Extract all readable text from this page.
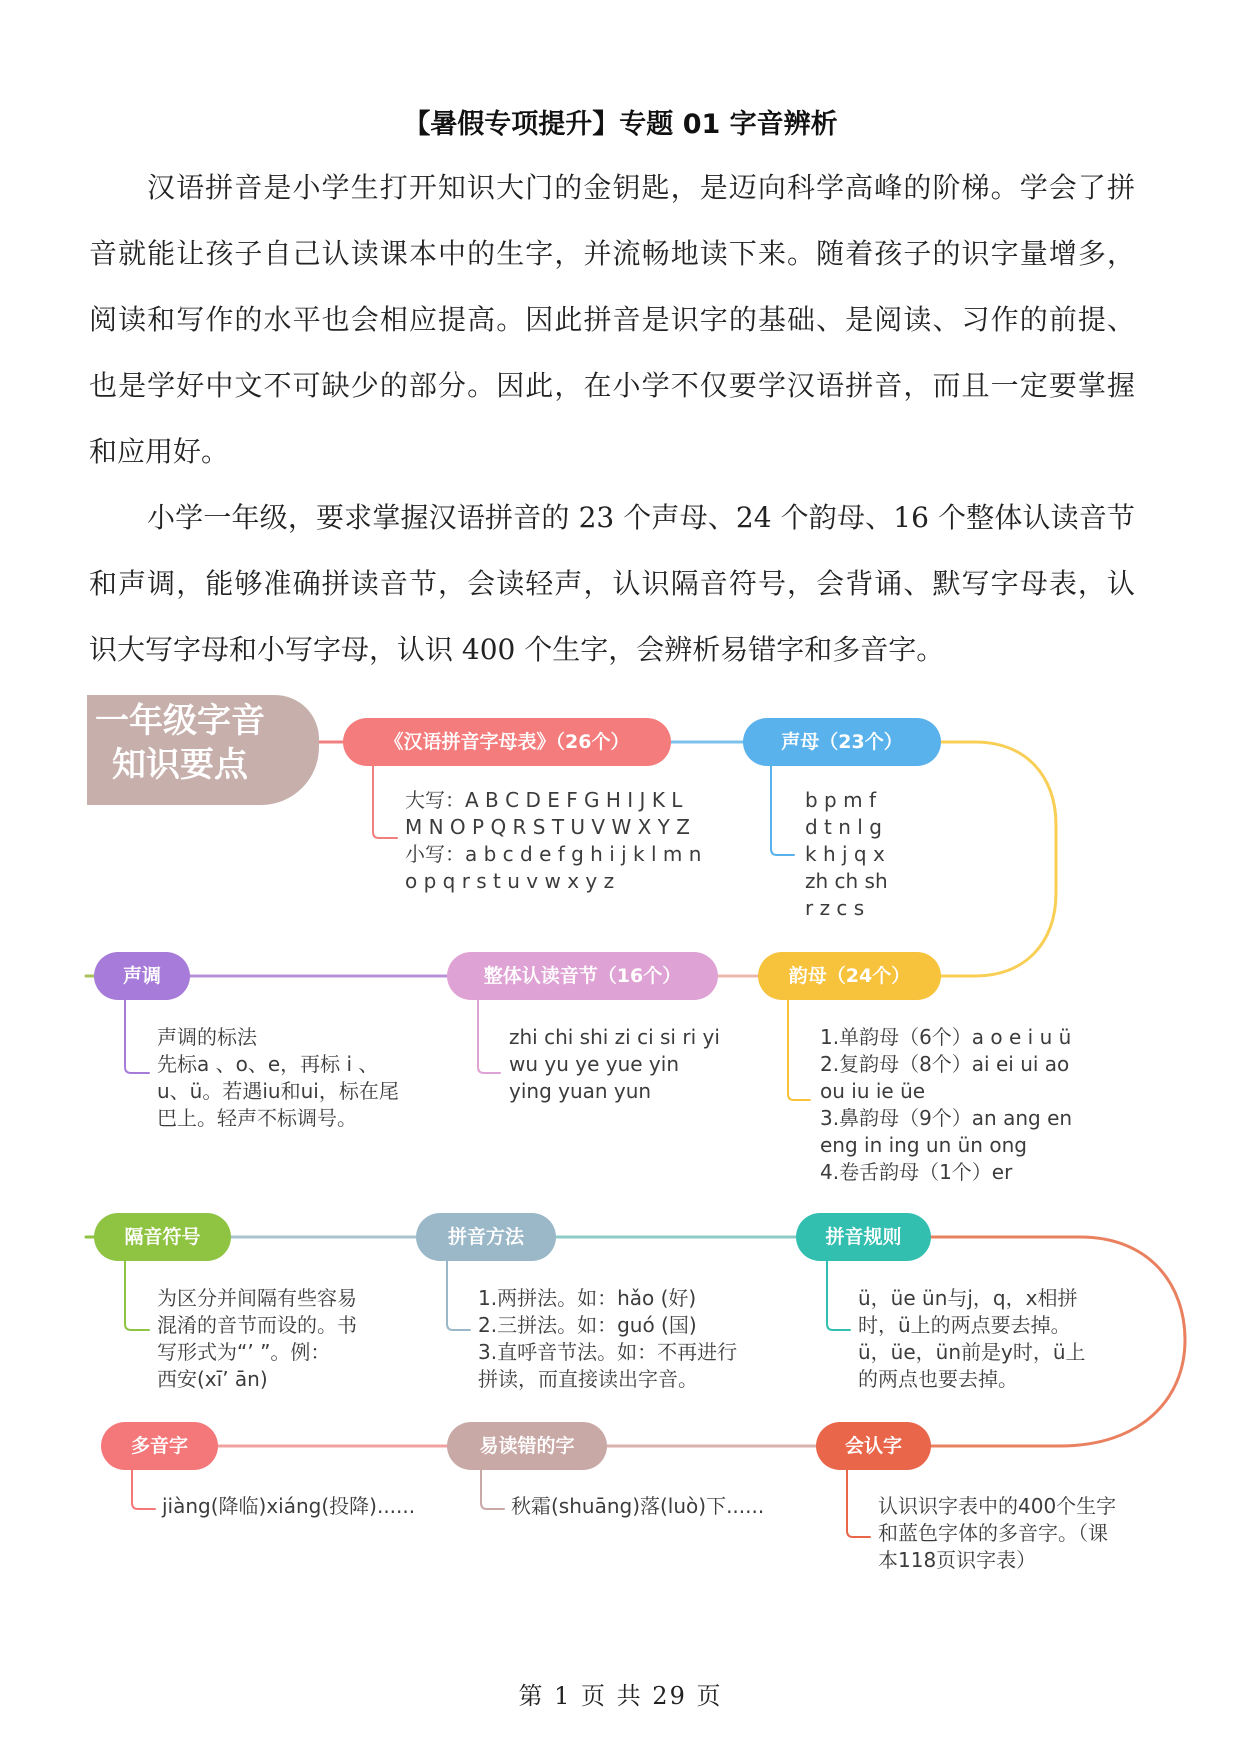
【暑假专项提升】专题 01 字音辨析
汉语拼音是小学生打开知识大门的金钥匙，是迈向科学高峰的阶梯。学会了拼
音就能让孩子自己认读课本中的生字，并流畅地读下来。随着孩子的识字量增多，
阅读和写作的水平也会相应提高。因此拼音是识字的基础、是阅读、习作的前提、
也是学好中文不可缺少的部分。因此，在小学不仅要学汉语拼音，而且一定要掌握
和应用好。
小学一年级，要求掌握汉语拼音的 23 个声母、24 个韵母、16 个整体认读音节
和声调，能够准确拼读音节，会读轻声，认识隔音符号，会背诵、默写字母表，认
识大写字母和小写字母，认识 400 个生字，会辨析易错字和多音字。
一年级字音
知识要点
《汉语拼音字母表》（26个）
大写：A B C D E F G H I J K L
M N O P Q R S T U V W X Y Z
小写：a b c d e f g h i j k l m n
o p q r s t u v w x y z
声母（23个）
b p m f
d t n l g
k h j q x
zh ch sh
r z c s
韵母（24个）
1.单韵母（6个）a o e i u ü
2.复韵母（8个）ai ei ui ao
ou iu ie üe
3.鼻韵母（9个）an ang en
eng in ing un ün ong
4.卷舌韵母（1个）er
整体认读音节（16个）
zhi chi shi zi ci si ri yi
wu yu ye yue yin
ying yuan yun
声调
声调的标法
先标a 、o、e，再标 i 、
u、ü。若遇iu和ui，标在尾
巴上。轻声不标调号。
隔音符号
为区分并间隔有些容易
混淆的音节而设的。书
写形式为“’ ”。例：
西安(xī’ ān)
拼音方法
1.两拼法。如：hǎo (好)
2.三拼法。如：guó (国)
3.直呼音节法。如：不再进行
拼读，而直接读出字音。
拼音规则
ü，üe ün与j，q，x相拼
时，ü上的两点要去掉。
ü，üe，ün前是y时，ü上
的两点也要去掉。
会认字
认识识字表中的400个生字
和蓝色字体的多音字。（课
本118页识字表）
易读错的字
秋霜(shuāng)落(luò)下......
多音字
jiàng(降临)xiáng(投降)......
第 1 页 共 29 页
